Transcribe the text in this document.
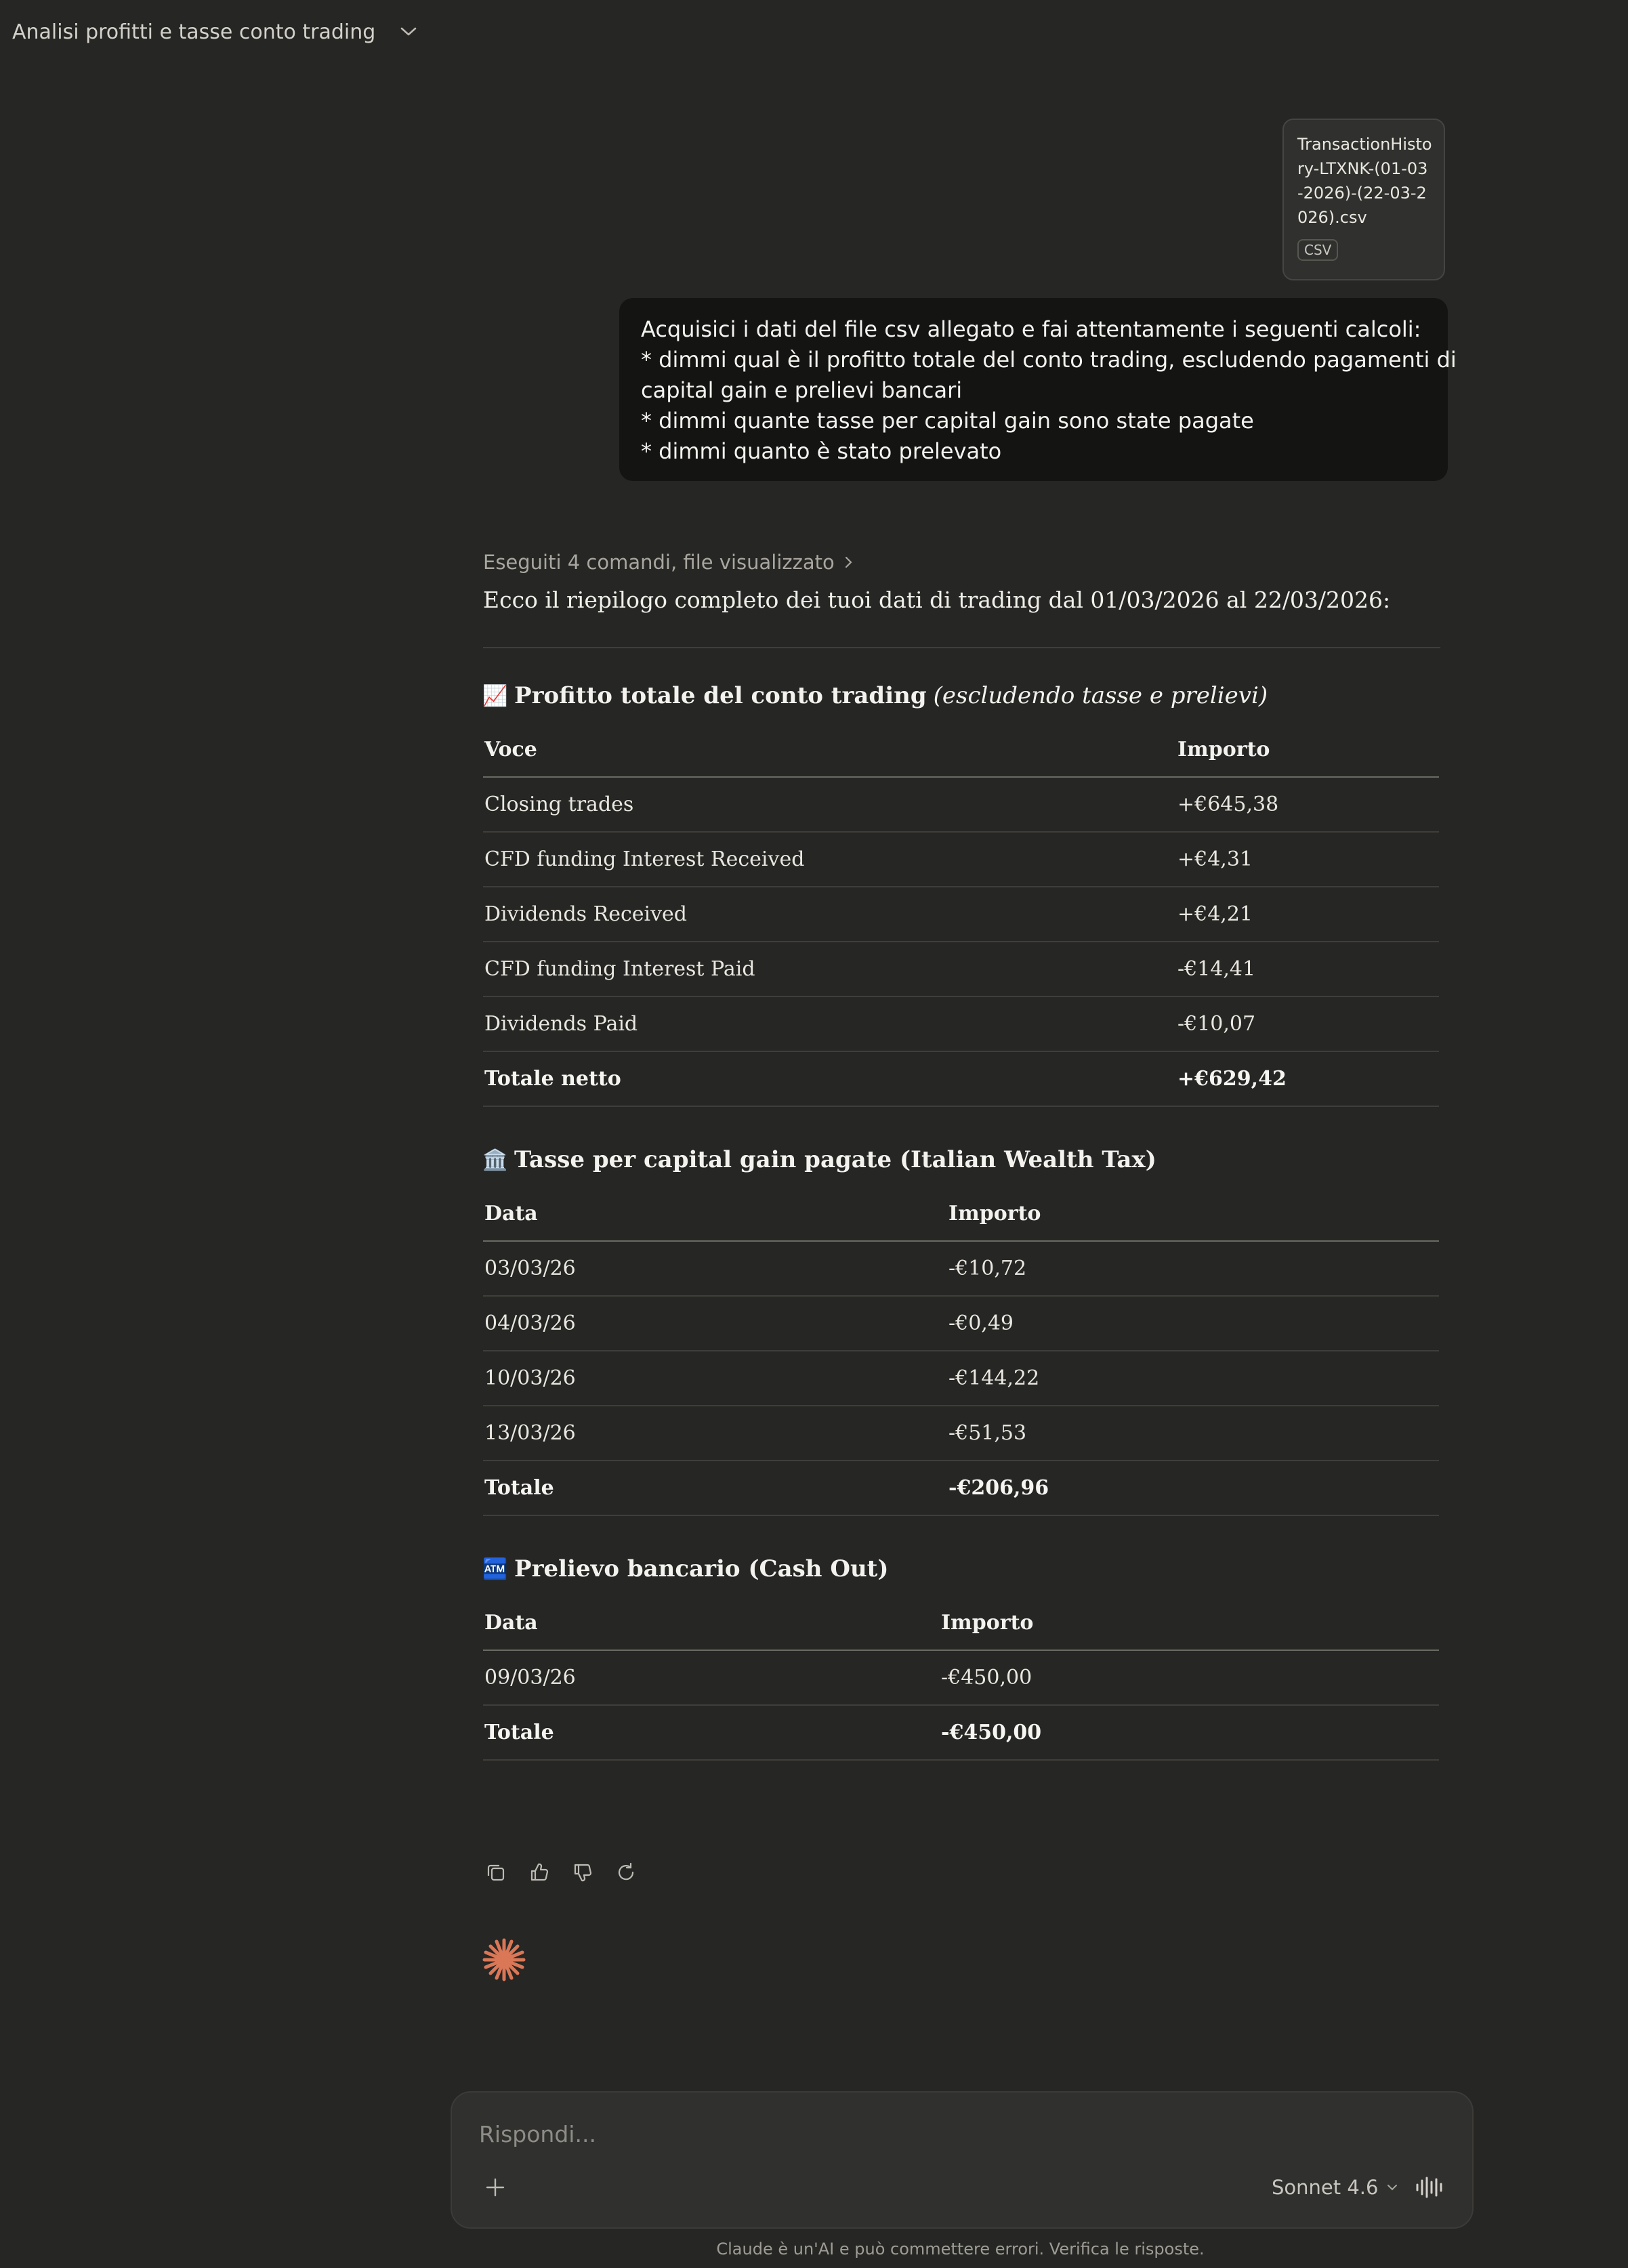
Analisi profitti e tasse conto trading
TransactionHistory-LTXNK-(01-03-2026)-(22-03-2026).csv
CSV

Acquisici i dati del file csv allegato e fai attentamente i seguenti calcoli:

* dimmi qual è il profitto totale del conto trading, escludendo pagamenti di

capital gain e prelievi bancari

* dimmi quante tasse per capital gain sono state pagate

* dimmi quanto è stato prelevato

Eseguiti 4 comandi, file visualizzato
Ecco il riepilogo completo dei tuoi dati di trading dal 01/03/2026 al 22/03/2026:
📈 Profitto totale del conto trading (escludendo tasse e prelievi)
Voce	Importo
Closing trades	+€645,38
CFD funding Interest Received	+€4,31
Dividends Received	+€4,21
CFD funding Interest Paid	-€14,41
Dividends Paid	-€10,07
Totale netto	+€629,42
🏛️ Tasse per capital gain pagate (Italian Wealth Tax)
Data	Importo
03/03/26	-€10,72
04/03/26	-€0,49
10/03/26	-€144,22
13/03/26	-€51,53
Totale	-€206,96
🏧 Prelievo bancario (Cash Out)
Data	Importo
09/03/26	-€450,00
Totale	-€450,00
Rispondi...
Sonnet 4.6
Claude è un'AI e può commettere errori. Verifica le risposte.
